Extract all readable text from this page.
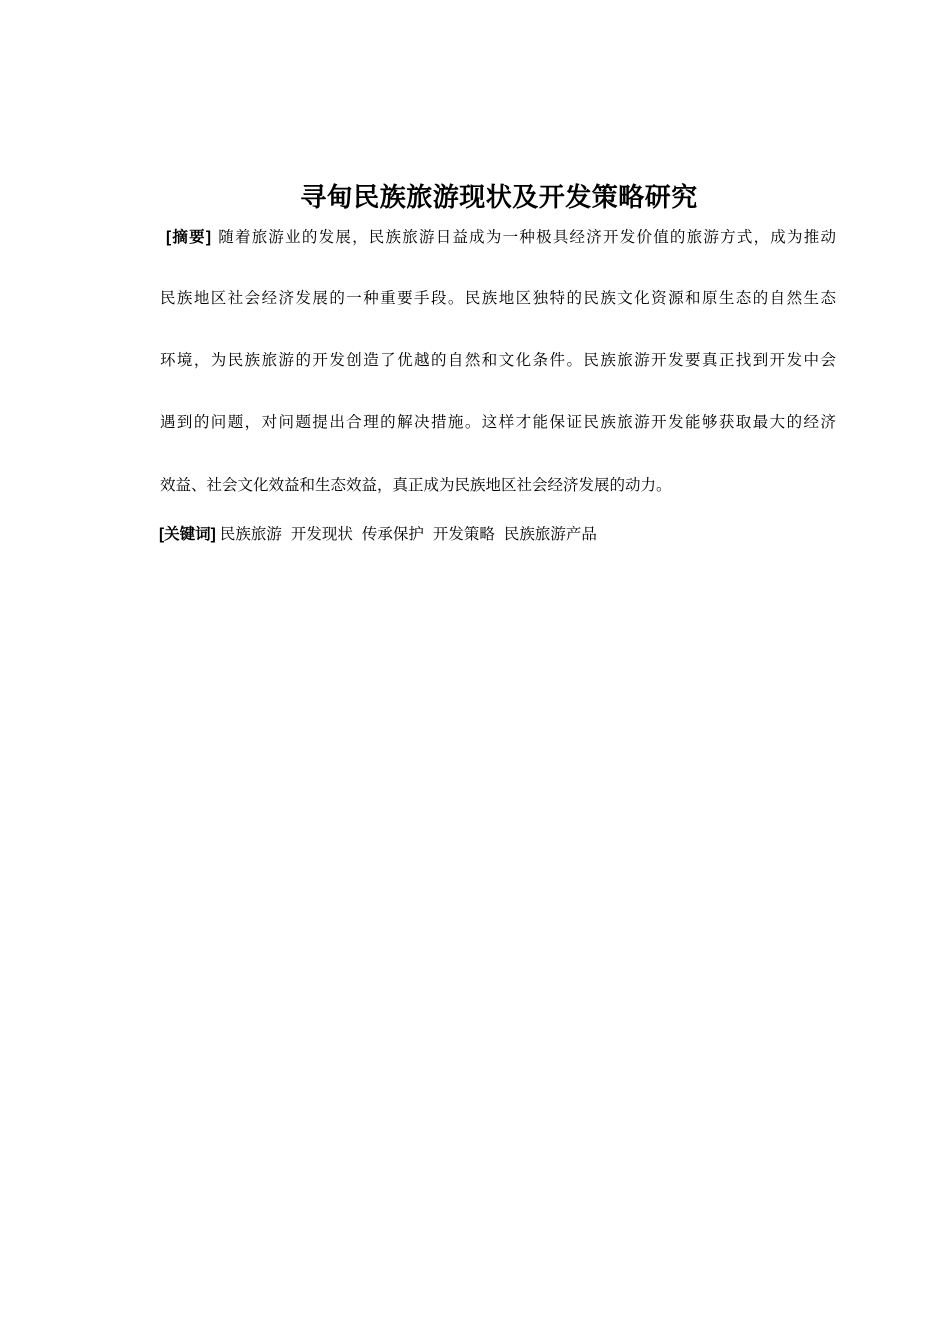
寻甸民族旅游现状及开发策略研究
[摘要] 随着旅游业的发展，民族旅游日益成为一种极具经济开发价值的旅游方式，成为推动
民族地区社会经济发展的一种重要手段。民族地区独特的民族文化资源和原生态的自然生态
环境，为民族旅游的开发创造了优越的自然和文化条件。民族旅游开发要真正找到开发中会
遇到的问题，对问题提出合理的解决措施。这样才能保证民族旅游开发能够获取最大的经济
效益、社会文化效益和生态效益，真正成为民族地区社会经济发展的动力。
[关键词] 民族旅游 开发现状 传承保护 开发策略 民族旅游产品
